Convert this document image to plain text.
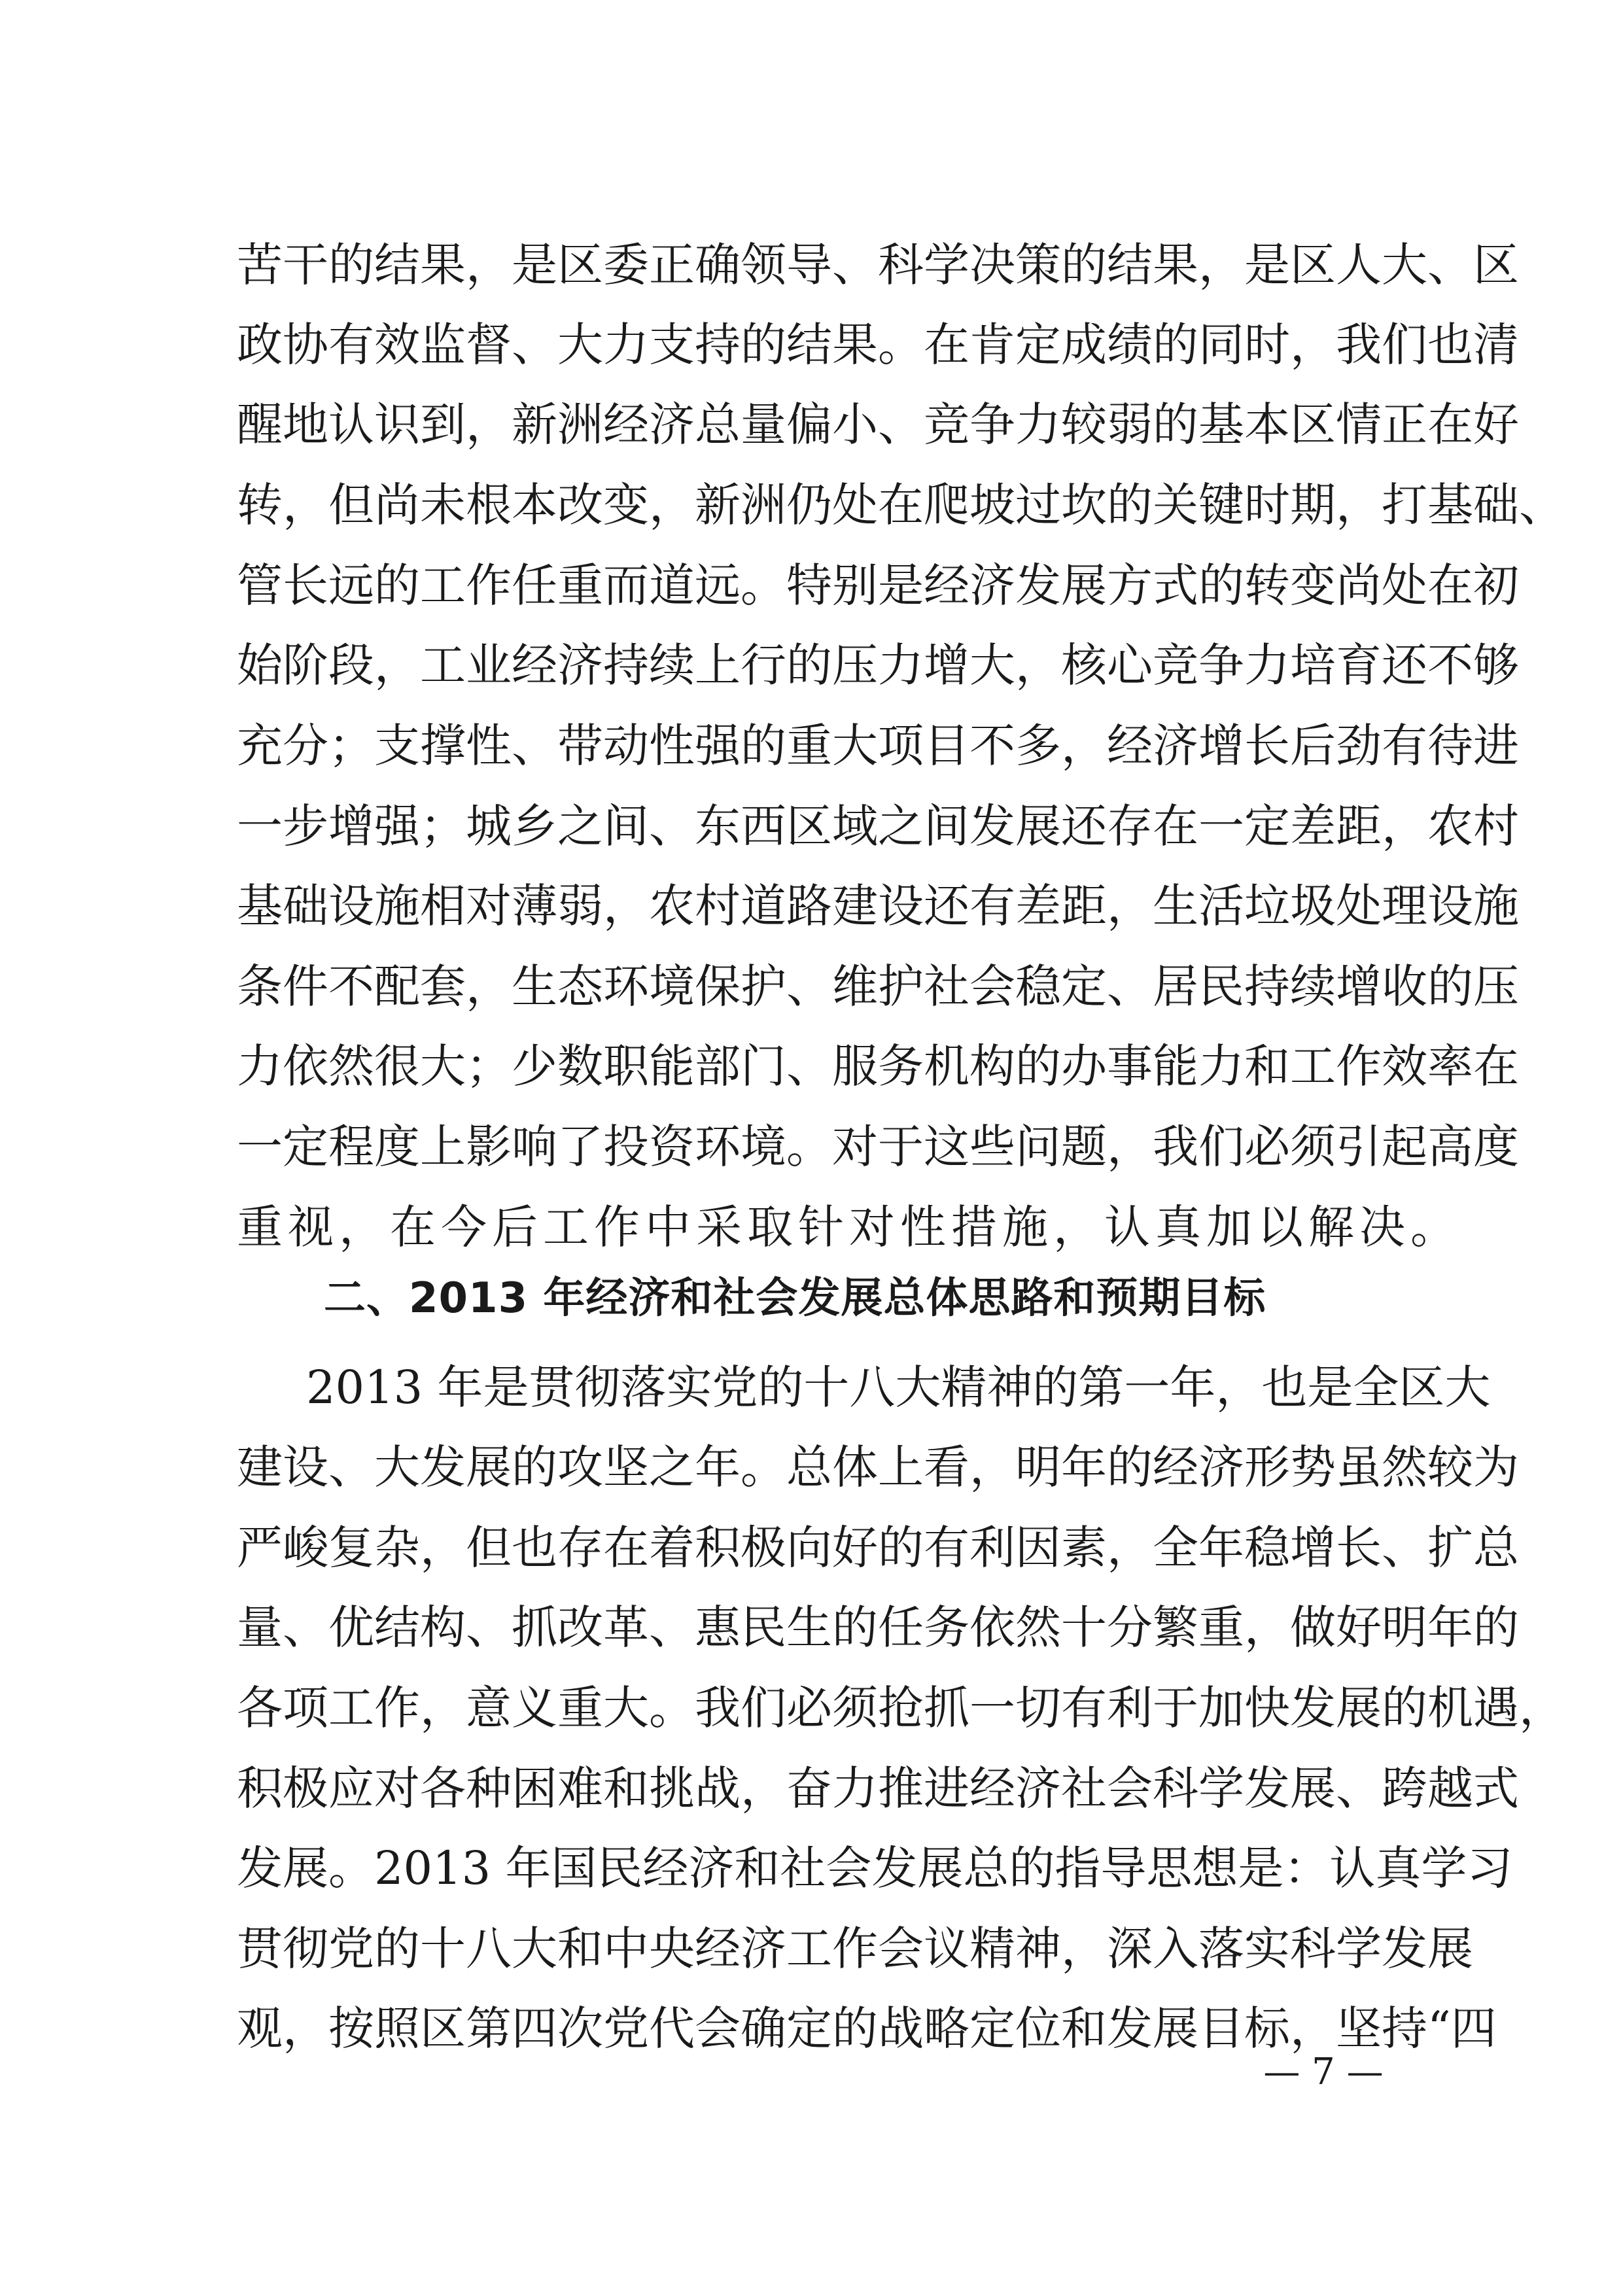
苦干的结果，是区委正确领导、科学决策的结果，是区人大、区
政协有效监督、大力支持的结果。在肯定成绩的同时，我们也清
醒地认识到，新洲经济总量偏小、竞争力较弱的基本区情正在好
转，但尚未根本改变，新洲仍处在爬坡过坎的关键时期，打基础、
管长远的工作任重而道远。特别是经济发展方式的转变尚处在初
始阶段，工业经济持续上行的压力增大，核心竞争力培育还不够
充分；支撑性、带动性强的重大项目不多，经济增长后劲有待进
一步增强；城乡之间、东西区域之间发展还存在一定差距，农村
基础设施相对薄弱，农村道路建设还有差距，生活垃圾处理设施
条件不配套，生态环境保护、维护社会稳定、居民持续增收的压
力依然很大；少数职能部门、服务机构的办事能力和工作效率在
一定程度上影响了投资环境。对于这些问题，我们必须引起高度
重视，在今后工作中采取针对性措施，认真加以解决。
二、2013 年经济和社会发展总体思路和预期目标
2013 年是贯彻落实党的十八大精神的第一年，也是全区大
建设、大发展的攻坚之年。总体上看，明年的经济形势虽然较为
严峻复杂，但也存在着积极向好的有利因素，全年稳增长、扩总
量、优结构、抓改革、惠民生的任务依然十分繁重，做好明年的
各项工作，意义重大。我们必须抢抓一切有利于加快发展的机遇，
积极应对各种困难和挑战，奋力推进经济社会科学发展、跨越式
发展。2013 年国民经济和社会发展总的指导思想是：认真学习
贯彻党的十八大和中央经济工作会议精神，深入落实科学发展
观，按照区第四次党代会确定的战略定位和发展目标，坚持“四
— 7 —
